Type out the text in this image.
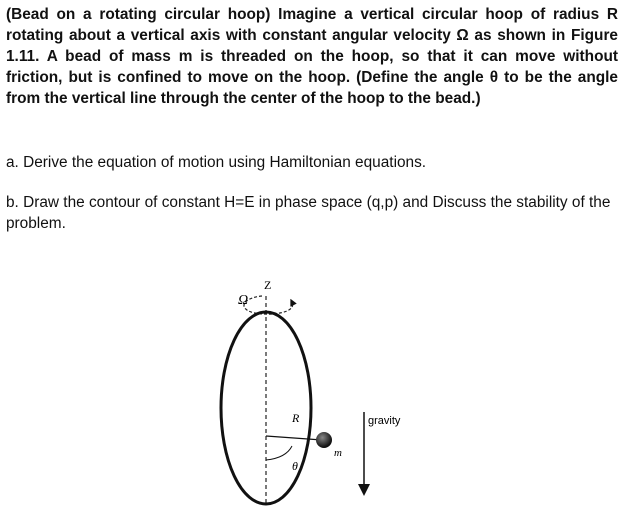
(Bead on a rotating circular hoop) Imagine a vertical circular hoop of radius R rotating about a vertical axis with constant angular velocity Ω as shown in Figure 1.11. A bead of mass m is threaded on the hoop, so that it can move without friction, but is confined to move on the hoop. (Define the angle θ to be the angle from the vertical line through the center of the hoop to the bead.)

a. Derive the equation of motion using Hamiltonian equations.

b. Draw the contour of constant H=E in phase space (q,p) and Discuss the stability of the problem.

Ω
Z
R
m
θ
gravity
